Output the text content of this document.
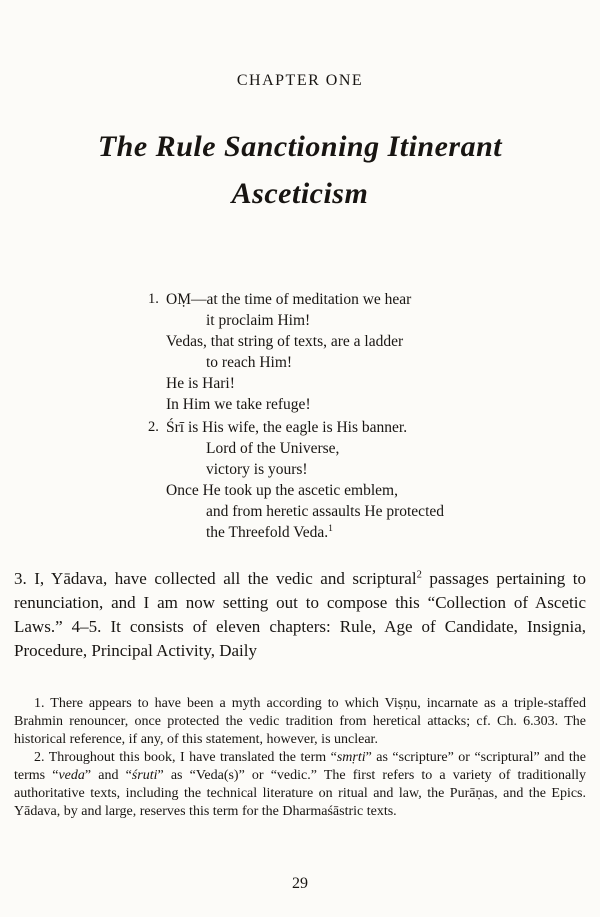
CHAPTER ONE
The Rule Sanctioning Itinerant
Asceticism
1. OṂ—at the time of meditation we hear
it proclaim Him!
Vedas, that string of texts, are a ladder
to reach Him!
He is Hari!
In Him we take refuge!
2. Śrī is His wife, the eagle is His banner.
Lord of the Universe,
victory is yours!
Once He took up the ascetic emblem,
and from heretic assaults He protected
the Threefold Veda.$^1$

3. I, Yādava, have collected all the vedic and scriptural$^2$ passages pertaining to renunciation, and I am now setting out to compose this “Collection of Ascetic Laws.” 4–5. It consists of eleven chapters: Rule, Age of Candidate, Insignia, Procedure, Principal Activity, Daily

1. There appears to have been a myth according to which Viṣṇu, incarnate as a triple-staffed Brahmin renouncer, once protected the vedic tradition from heretical attacks; cf. Ch. 6.303. The historical reference, if any, of this statement, however, is unclear.

2. Throughout this book, I have translated the term “smṛti” as “scripture” or “scriptural” and the terms “veda” and “śruti” as “Veda(s)” or “vedic.” The first refers to a variety of traditionally authoritative texts, including the technical literature on ritual and law, the Purāṇas, and the Epics. Yādava, by and large, reserves this term for the Dharmaśāstric texts.

29
